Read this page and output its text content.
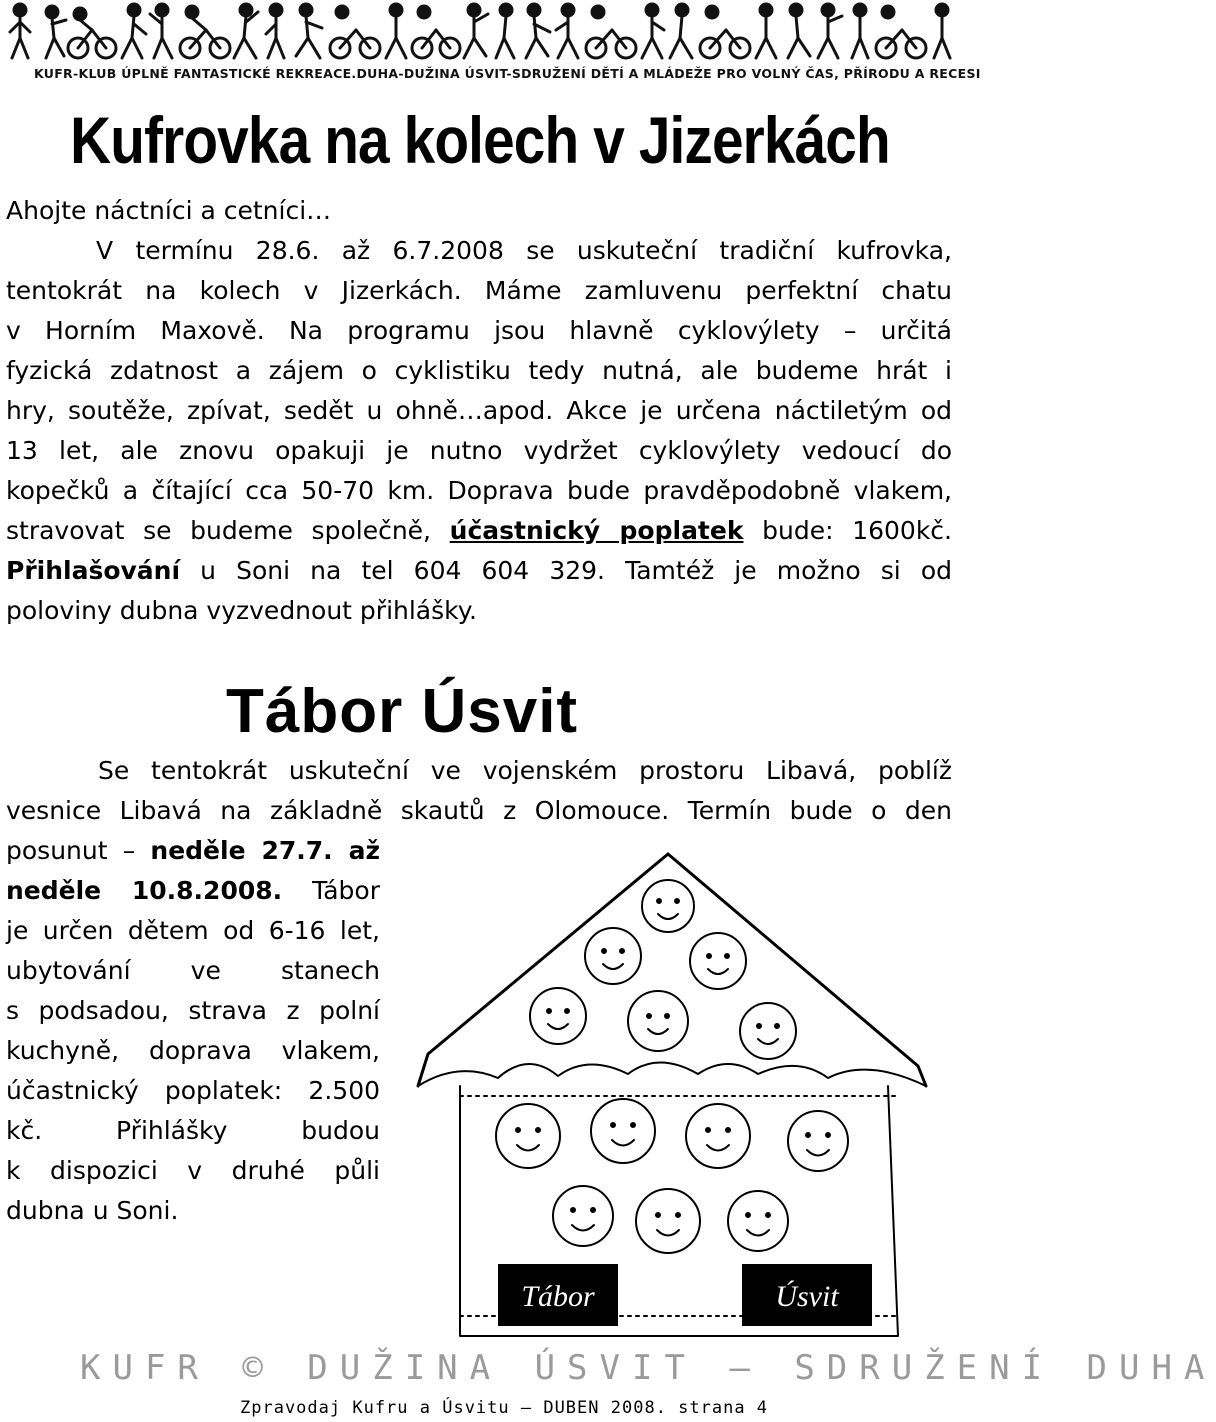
KUFR-KLUB ÚPLNĚ FANTASTICKÉ REKREACE.DUHA-DUŽINA ÚSVIT-SDRUŽENÍ DĚTÍ A MLÁDEŽE PRO VOLNÝ ČAS, PŘÍRODU A RECESI
Kufrovka na kolech v Jizerkách
Ahojte náctníci a cetníci…
V termínu 28.6. až 6.7.2008 se uskuteční tradiční kufrovka,
tentokrát na kolech v Jizerkách. Máme zamluvenu perfektní chatu
v Horním Maxově. Na programu jsou hlavně cyklovýlety – určitá
fyzická zdatnost a zájem o cyklistiku tedy nutná, ale budeme hrát i
hry, soutěže, zpívat, sedět u ohně…apod. Akce je určena náctiletým od
13 let, ale znovu opakuji je nutno vydržet cyklovýlety vedoucí do
kopečků a čítající cca 50-70 km. Doprava bude pravděpodobně vlakem,
stravovat se budeme společně, účastnický poplatek bude: 1600kč.
Přihlašování u Soni na tel 604 604 329. Tamtéž je možno si od
poloviny dubna vyzvednout přihlášky.
Tábor Úsvit
Se tentokrát uskuteční ve vojenském prostoru Libavá, poblíž
vesnice Libavá na základně skautů z Olomouce. Termín bude o den
posunut – neděle 27.7. až
neděle 10.8.2008. Tábor
je určen dětem od 6-16 let,
ubytování ve stanech
s podsadou, strava z polní
kuchyně, doprava vlakem,
účastnický poplatek: 2.500
kč. Přihlášky budou
k dispozici v druhé půli
dubna u Soni.
Tábor	Úsvit
KUFR © DUŽINA ÚSVIT – SDRUŽENÍ DUHA
Zpravodaj Kufru a Úsvitu – DUBEN 2008. strana 4
